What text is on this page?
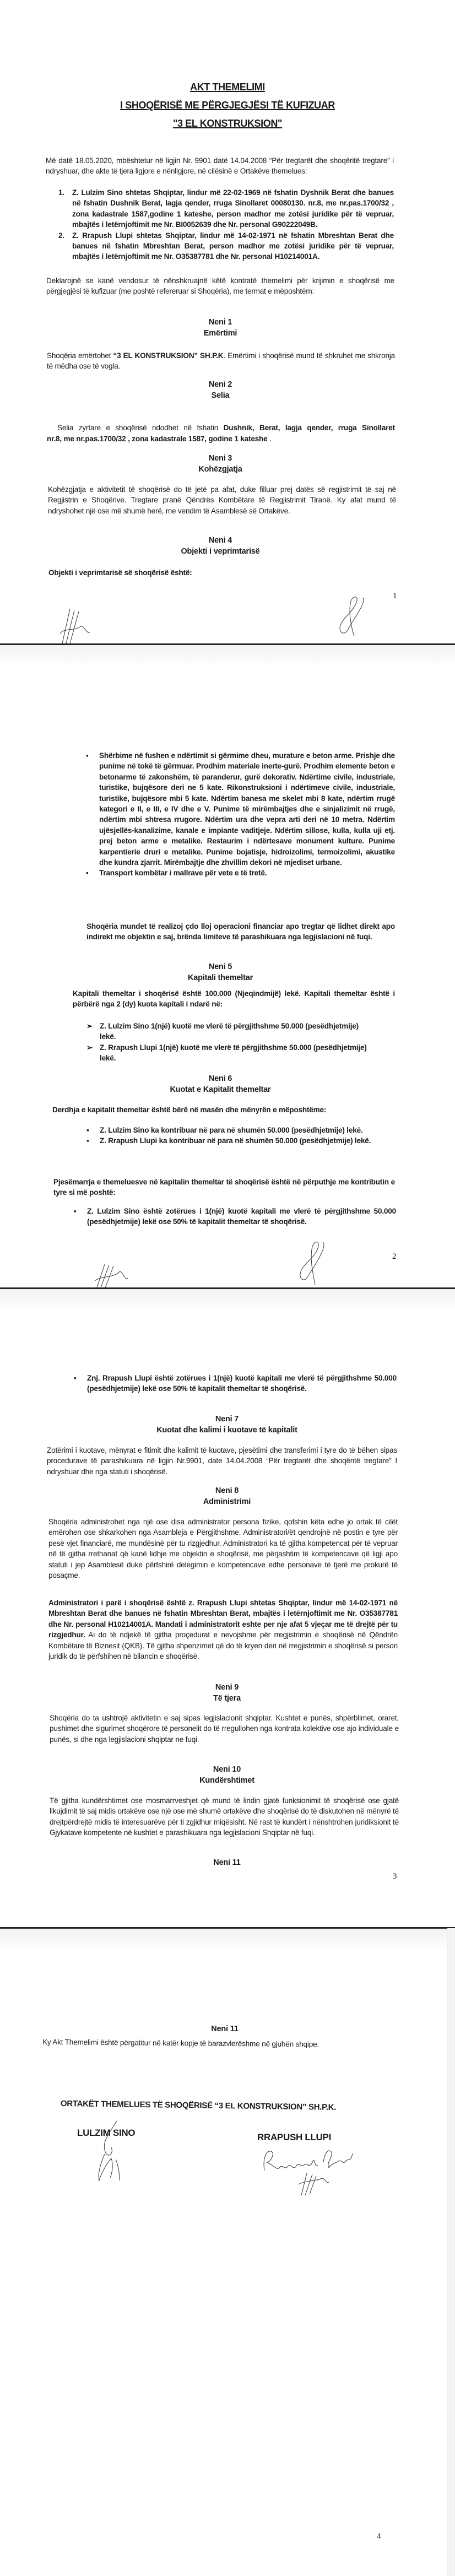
AKT THEMELIMI
I SHOQËRISË ME PËRGJEGJËSI TË KUFIZUAR
"3 EL KONSTRUKSION"
Më datë 18.05.2020, mbështetur në ligjin Nr. 9901 datë 14.04.2008 “Për tregtarët dhe shoqëritë tregtare” i ndryshuar, dhe akte të tjera ligjore e nënligjore, në cilësinë e Ortakëve themelues:
1.	Z. Lulzim Sino shtetas Shqiptar, lindur më 22-02-1969 në fshatin Dyshnik Berat dhe banues në fshatin Dushnik Berat, lagja qender, rruga Sinollaret 00080130. nr.8, me nr.pas.1700/32 , zona kadastrale 1587,godine 1 kateshe, person madhor me zotësi juridike për të vepruar, mbajtës i letërnjoftimit me Nr. BI0052639 dhe Nr. personal G90222049B.
2.	Z. Rrapush Llupi shtetas Shqiptar, lindur më 14-02-1971 në fshatin Mbreshtan Berat dhe banues në fshatin Mbreshtan Berat, person madhor me zotësi juridike për të vepruar, mbajtës i letërnjoftimit me Nr. O35387781 dhe Nr. personal H10214001A.
Deklarojnë se kanë vendosur të nënshkruajnë këtë kontratë themelimi për krijimin e shoqërisë me përgjegjësi të kufizuar (me poshtë refereruar si Shoqëria), me termat e mëposhtëm:
Neni 1
Emërtimi
Shoqëria emërtohet “3 EL KONSTRUKSION” SH.P.K. Emërtimi i shoqërisë mund të shkruhet me shkronja të mëdha ose të vogla.
Neni 2
Selia

Selia zyrtare e shoqërisë ndodhet në fshatin Dushnik, Berat, lagja qender, rruga Sinollaret                  nr.8, me nr.pas.1700/32 , zona kadastrale 1587, godine 1 kateshe .

Neni 3
Kohëzgjatja
Kohëzgjatja e aktivitetit të shoqërisë do të jetë pa afat, duke filluar prej datës së regjistrimit të saj në Regjistrin e Shoqërive. Tregtare pranë Qëndrës Kombëtare të Regjistrimit Tiranë. Ky afat mund të ndryshohet një ose më shumë herë, me vendim të Asamblesë së Ortakëve.
Neni 4
Objekti i veprimtarisë
Objekti i veprimtarisë së shoqërisë është:
1
▪	Shërbime në fushen e ndërtimit si gërmime dheu, murature e beton arme. Prishje dhe punime në tokë të gërmuar. Prodhim materiale inerte-gurë. Prodhim elemente beton e betonarme të zakonshëm, të paranderur, gurë dekorativ. Ndërtime civile, industriale, turistike, bujqësore deri ne 5 kate. Rikonstruksioni i ndërtimeve civile, industriale, turistike, bujqësore mbi 5 kate. Ndërtim banesa me skelet mbi 8 kate, ndërtim rrugë kategori e II, e III, e IV dhe e V. Punime të mirëmbajtjes dhe e sinjalizimit në rrugë, ndërtim mbi shtresa rrugore. Ndërtim ura dhe vepra arti deri në 10 metra. Ndërtim ujësjellës-kanalizime, kanale e impiante vaditjeje. Ndërtim sillose, kulla, kulla uji etj. prej beton arme e metalike. Restaurim i ndërtesave monument kulture. Punime karpentierie druri e metalike. Punime bojatisje, hidroizolimi, termoizolimi, akustike dhe kundra zjarrit. Mirëmbajtje dhe zhvillim dekori në mjediset urbane.
▪	Transport kombëtar i mallrave për vete e të tretë.
Shoqëria mundet të realizoj çdo lloj operacioni financiar apo tregtar që lidhet direkt apo indirekt me objektin e saj, brënda limiteve të parashikuara nga legjislacioni në fuqi.
Neni 5
Kapitali themeltar
Kapitali themeltar i shoqërisë është 100.000 (Njeqindmijë) lekë. Kapitali themeltar është i përbërë nga 2 (dy) kuota kapitali i ndarë në:
➢ Z. Lulzim Sino 1(një) kuotë me vlerë të përgjithshme 50.000 (pesëdhjetmije) lekë.
➢ Z. Rrapush Llupi 1(një) kuotë me vlerë të përgjithshme 50.000 (pesëdhjetmije) lekë.
Neni 6
Kuotat e Kapitalit themeltar
Derdhja e kapitalit themeltar është bërë në masën dhe mënyrën e mëposhtëme:
▪	Z. Lulzim Sino ka kontribuar në para në shumën 50.000 (pesëdhjetmije) lekë.
▪	Z. Rrapush Llupi ka kontribuar në para në shumën 50.000 (pesëdhjetmije) lekë.
Pjesëmarrja e themeluesve në kapitalin themeltar të shoqërisë është në përputhje me kontributin e tyre si më poshtë:
▪	Z. Lulzim Sino është zotërues i 1(një) kuotë kapitali me vlerë të përgjithshme 50.000 (pesëdhjetmije) lekë ose 50% të kapitalit themeltar të shoqërisë.
2
▪	Znj. Rrapush Llupi është zotërues i 1(një) kuotë kapitali me vlerë të përgjithshme 50.000 (pesëdhjetmije) lekë ose 50% të kapitalit themeltar të shoqërisë.
Neni 7
Kuotat dhe kalimi i kuotave të kapitalit
Zotërimi i kuotave, mënyrat e fitimit dhe kalimit të kuotave, pjesëtimi dhe transferimi i tyre do të bëhen sipas procedurave të parashikuara në ligjin Nr.9901, date 14.04.2008 “Për tregtarët dhe shoqëritë tregtare” I ndryshuar dhe nga statuti i shoqërisë.
Neni 8
Administrimi
Shoqëria administrohet nga një ose disa administrator persona fizike, qofshin këta edhe jo ortak të cilët emërohen ose shkarkohen nga Asambleja e Përgjithshme. Administratori/ët qendrojnë në postin e tyre për pesë vjet financiarë, me mundësinë për tu rizgjedhur. Administratori ka të gjitha kompetencat për të vepruar në të gjitha rrethanat që kanë lidhje me objektin e shoqërisë, me përjashtim të kompetencave që ligji apo statuti i jep Asamblesë duke përfshirë delegimin e kompetencave edhe personave të tjerë me prokurë të posaçme.
Administratori i parë i shoqërisë është z. Rrapush Llupi shtetas Shqiptar, lindur më 14-02-1971 në Mbreshtan Berat dhe banues në fshatin Mbreshtan Berat, mbajtës i letërnjoftimit me Nr. O35387781 dhe Nr. personal H10214001A. Mandati i administratorit eshte per nje afat 5 vjeçar me të drejtë për tu rizgjedhur. Ai do të ndjekë të gjitha proçedurat e nevojshme për rregjistrimin e shoqërisë në Qëndrën Kombëtare të Biznesit (QKB). Të gjitha shpenzimet që do të kryen deri në rregjistrimin e shoqërisë si person juridik do të përfshihen në bilancin e shoqërisë.
Neni 9
Të tjera
Shoqëria do ta ushtrojë aktivitetin e saj sipas legjislacionit shqiptar. Kushtet e punës, shpërblimet, oraret, pushimet dhe sigurimet shoqërore të personelit do të rregullohen nga kontrata kolektive ose ajo individuale e punës, si dhe nga legjislacioni shqiptar ne fuqi.
Neni 10
Kundërshtimet
Të gjitha kundërshtimet ose mosmarrveshjet që mund të lindin gjatë funksionimit të shoqërisë ose gjatë likujdimit të saj midis ortakëve ose një ose më shumë ortakëve dhe shoqërisë do të diskutohen në mënyrë të drejtpërdrejtë midis të interesuarëve për ti zgjidhur miqësisht. Në rast të kundërt i nënshtrohen juridiksionit të Gjykatave kompetente në kushtet e parashikuara nga legjislacioni Shqiptar në fuqi.
Neni 11
3
Neni 11
Ky Akt Themelimi është përgatitur në katër kopje të barazvlerëshme në gjuhën shqipe.
ORTAKËT THEMELUES TË SHOQËRISË “3 EL KONSTRUKSION” SH.P.K.
LULZIM SINO	RRAPUSH LLUPI
4
